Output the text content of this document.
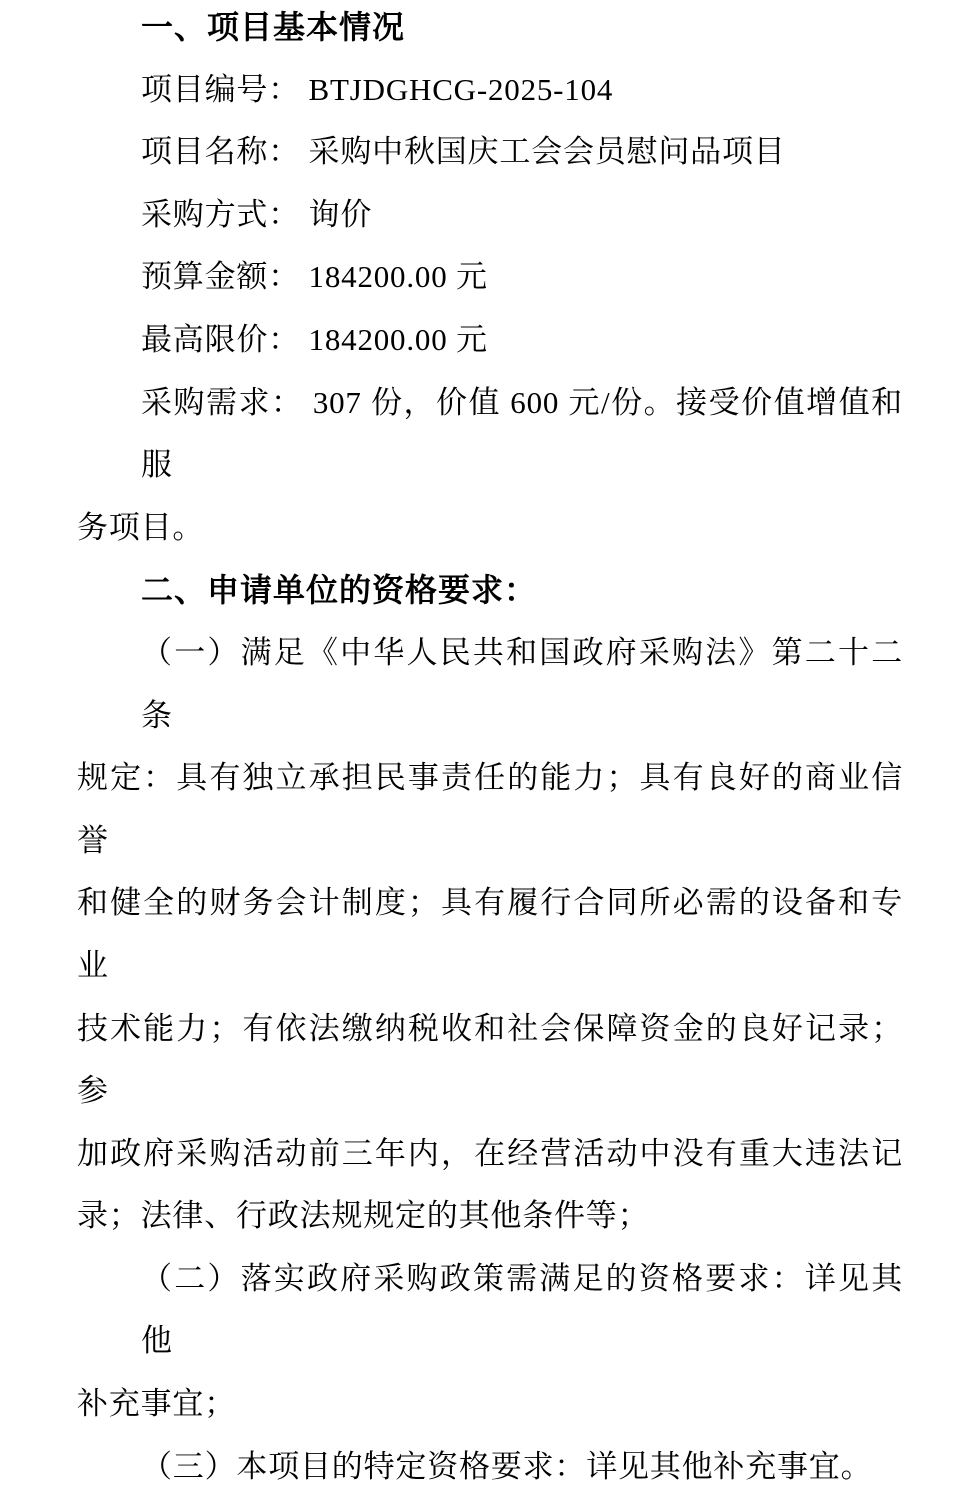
一、项目基本情况
项目编号： BTJDGHCG-2025-104
项目名称： 采购中秋国庆工会会员慰问品项目
采购方式： 询价
预算金额： 184200.00 元
最高限价： 184200.00 元
采购需求： 307 份，价值 600 元/份。接受价值增值和服
务项目。
二、申请单位的资格要求：
（一）满足《中华人民共和国政府采购法》第二十二条
规定：具有独立承担民事责任的能力；具有良好的商业信誉
和健全的财务会计制度；具有履行合同所必需的设备和专业
技术能力；有依法缴纳税收和社会保障资金的良好记录；参
加政府采购活动前三年内，在经营活动中没有重大违法记
录；法律、行政法规规定的其他条件等；
（二）落实政府采购政策需满足的资格要求：详见其他
补充事宜；
（三）本项目的特定资格要求：详见其他补充事宜。
